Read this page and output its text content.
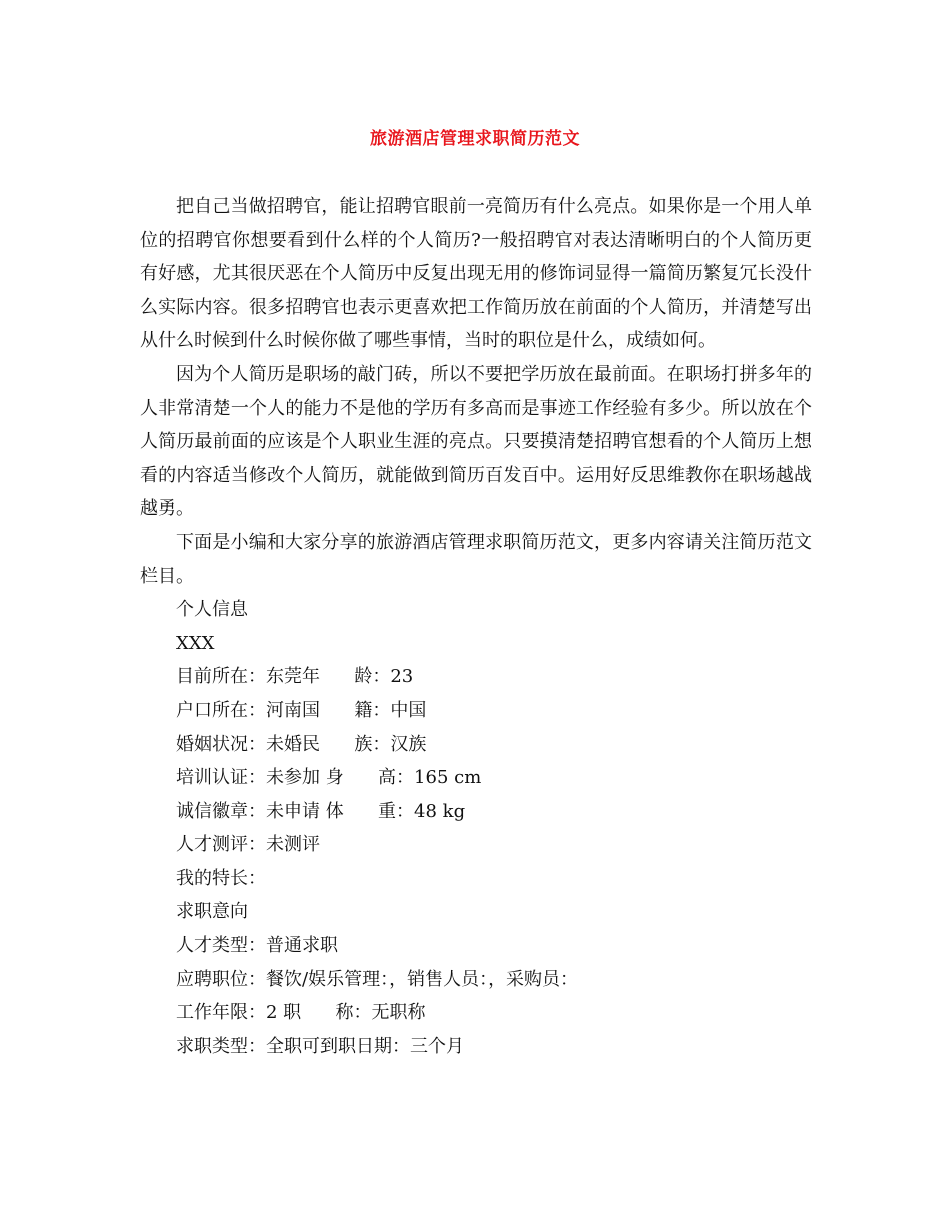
旅游酒店管理求职简历范文

把自己当做招聘官，能让招聘官眼前一亮简历有什么亮点。如果你是一个用人单位的招聘官你想要看到什么样的个人简历?一般招聘官对表达清晰明白的个人简历更有好感，尤其很厌恶在个人简历中反复出现无用的修饰词显得一篇简历繁复冗长没什么实际内容。很多招聘官也表示更喜欢把工作简历放在前面的个人简历，并清楚写出从什么时候到什么时候你做了哪些事情，当时的职位是什么，成绩如何。

因为个人简历是职场的敲门砖，所以不要把学历放在最前面。在职场打拼多年的人非常清楚一个人的能力不是他的学历有多高而是事迹工作经验有多少。所以放在个人简历最前面的应该是个人职业生涯的亮点。只要摸清楚招聘官想看的个人简历上想看的内容适当修改个人简历，就能做到简历百发百中。运用好反思维教你在职场越战越勇。

下面是小编和大家分享的旅游酒店管理求职简历范文，更多内容请关注简历范文栏目。

个人信息

XXX

目前所在：东莞年      龄：23

户口所在：河南国      籍：中国

婚姻状况：未婚民      族：汉族

培训认证：未参加 身      高：165 cm

诚信徽章：未申请 体      重：48 kg

人才测评：未测评

我的特长：

求职意向

人才类型：普通求职

应聘职位：餐饮/娱乐管理：，销售人员：，采购员：

工作年限：2 职      称：无职称

求职类型：全职可到职日期：三个月
